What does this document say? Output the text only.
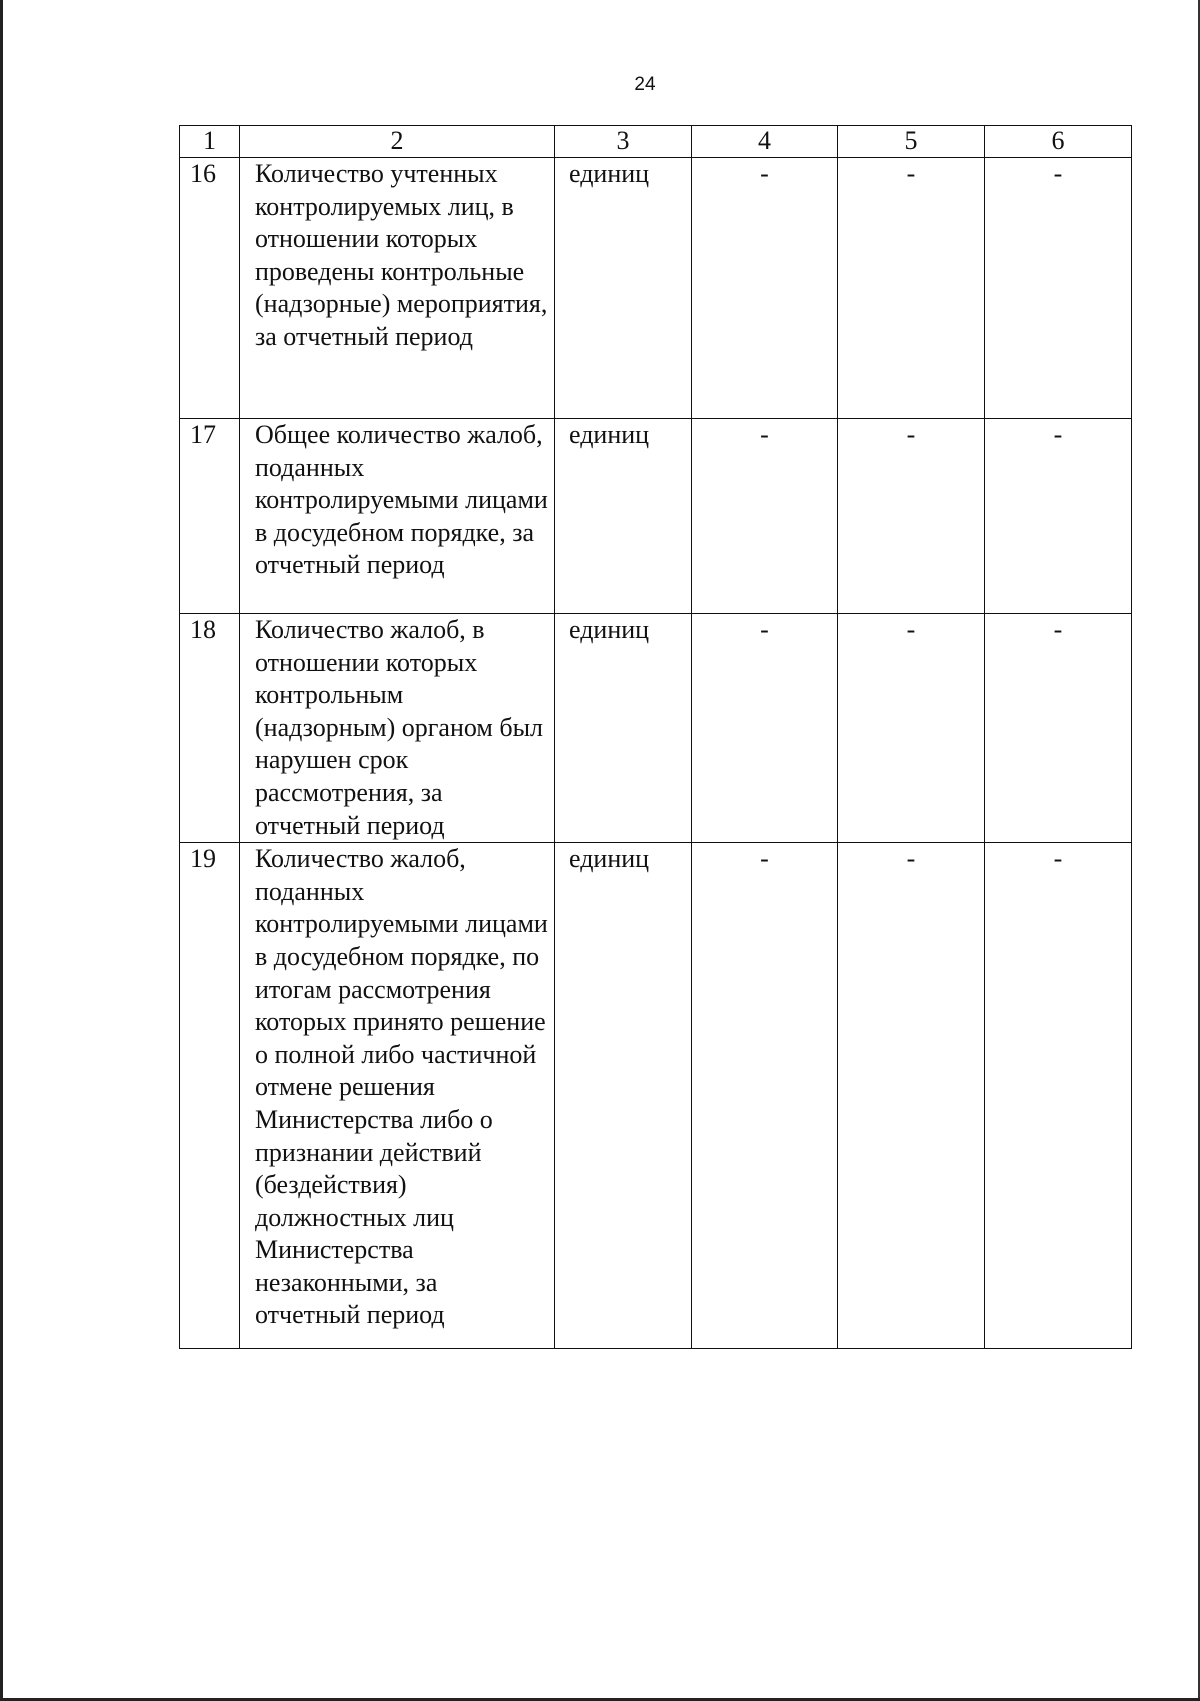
24
1	2	3	4	5	6
16	Количество учтенных контролируемых лиц, в отношении которых проведены контрольные (надзорные) мероприятия, за отчетный период	единиц	-	-	-
17	Общее количество жалоб, поданных контролируемыми лицами в досудебном порядке, за отчетный период	единиц	-	-	-
18	Количество жалоб, в отношении которых контрольным (надзорным) органом был нарушен срок рассмотрения, за отчетный период	единиц	-	-	-
19	Количество жалоб, поданных контролируемыми лицами в досудебном порядке, по итогам рассмотрения которых принято решение о полной либо частичной отмене решения Министерства либо о признании действий (бездействия) должностных лиц Министерства незаконными, за отчетный период	единиц	-	-	-
